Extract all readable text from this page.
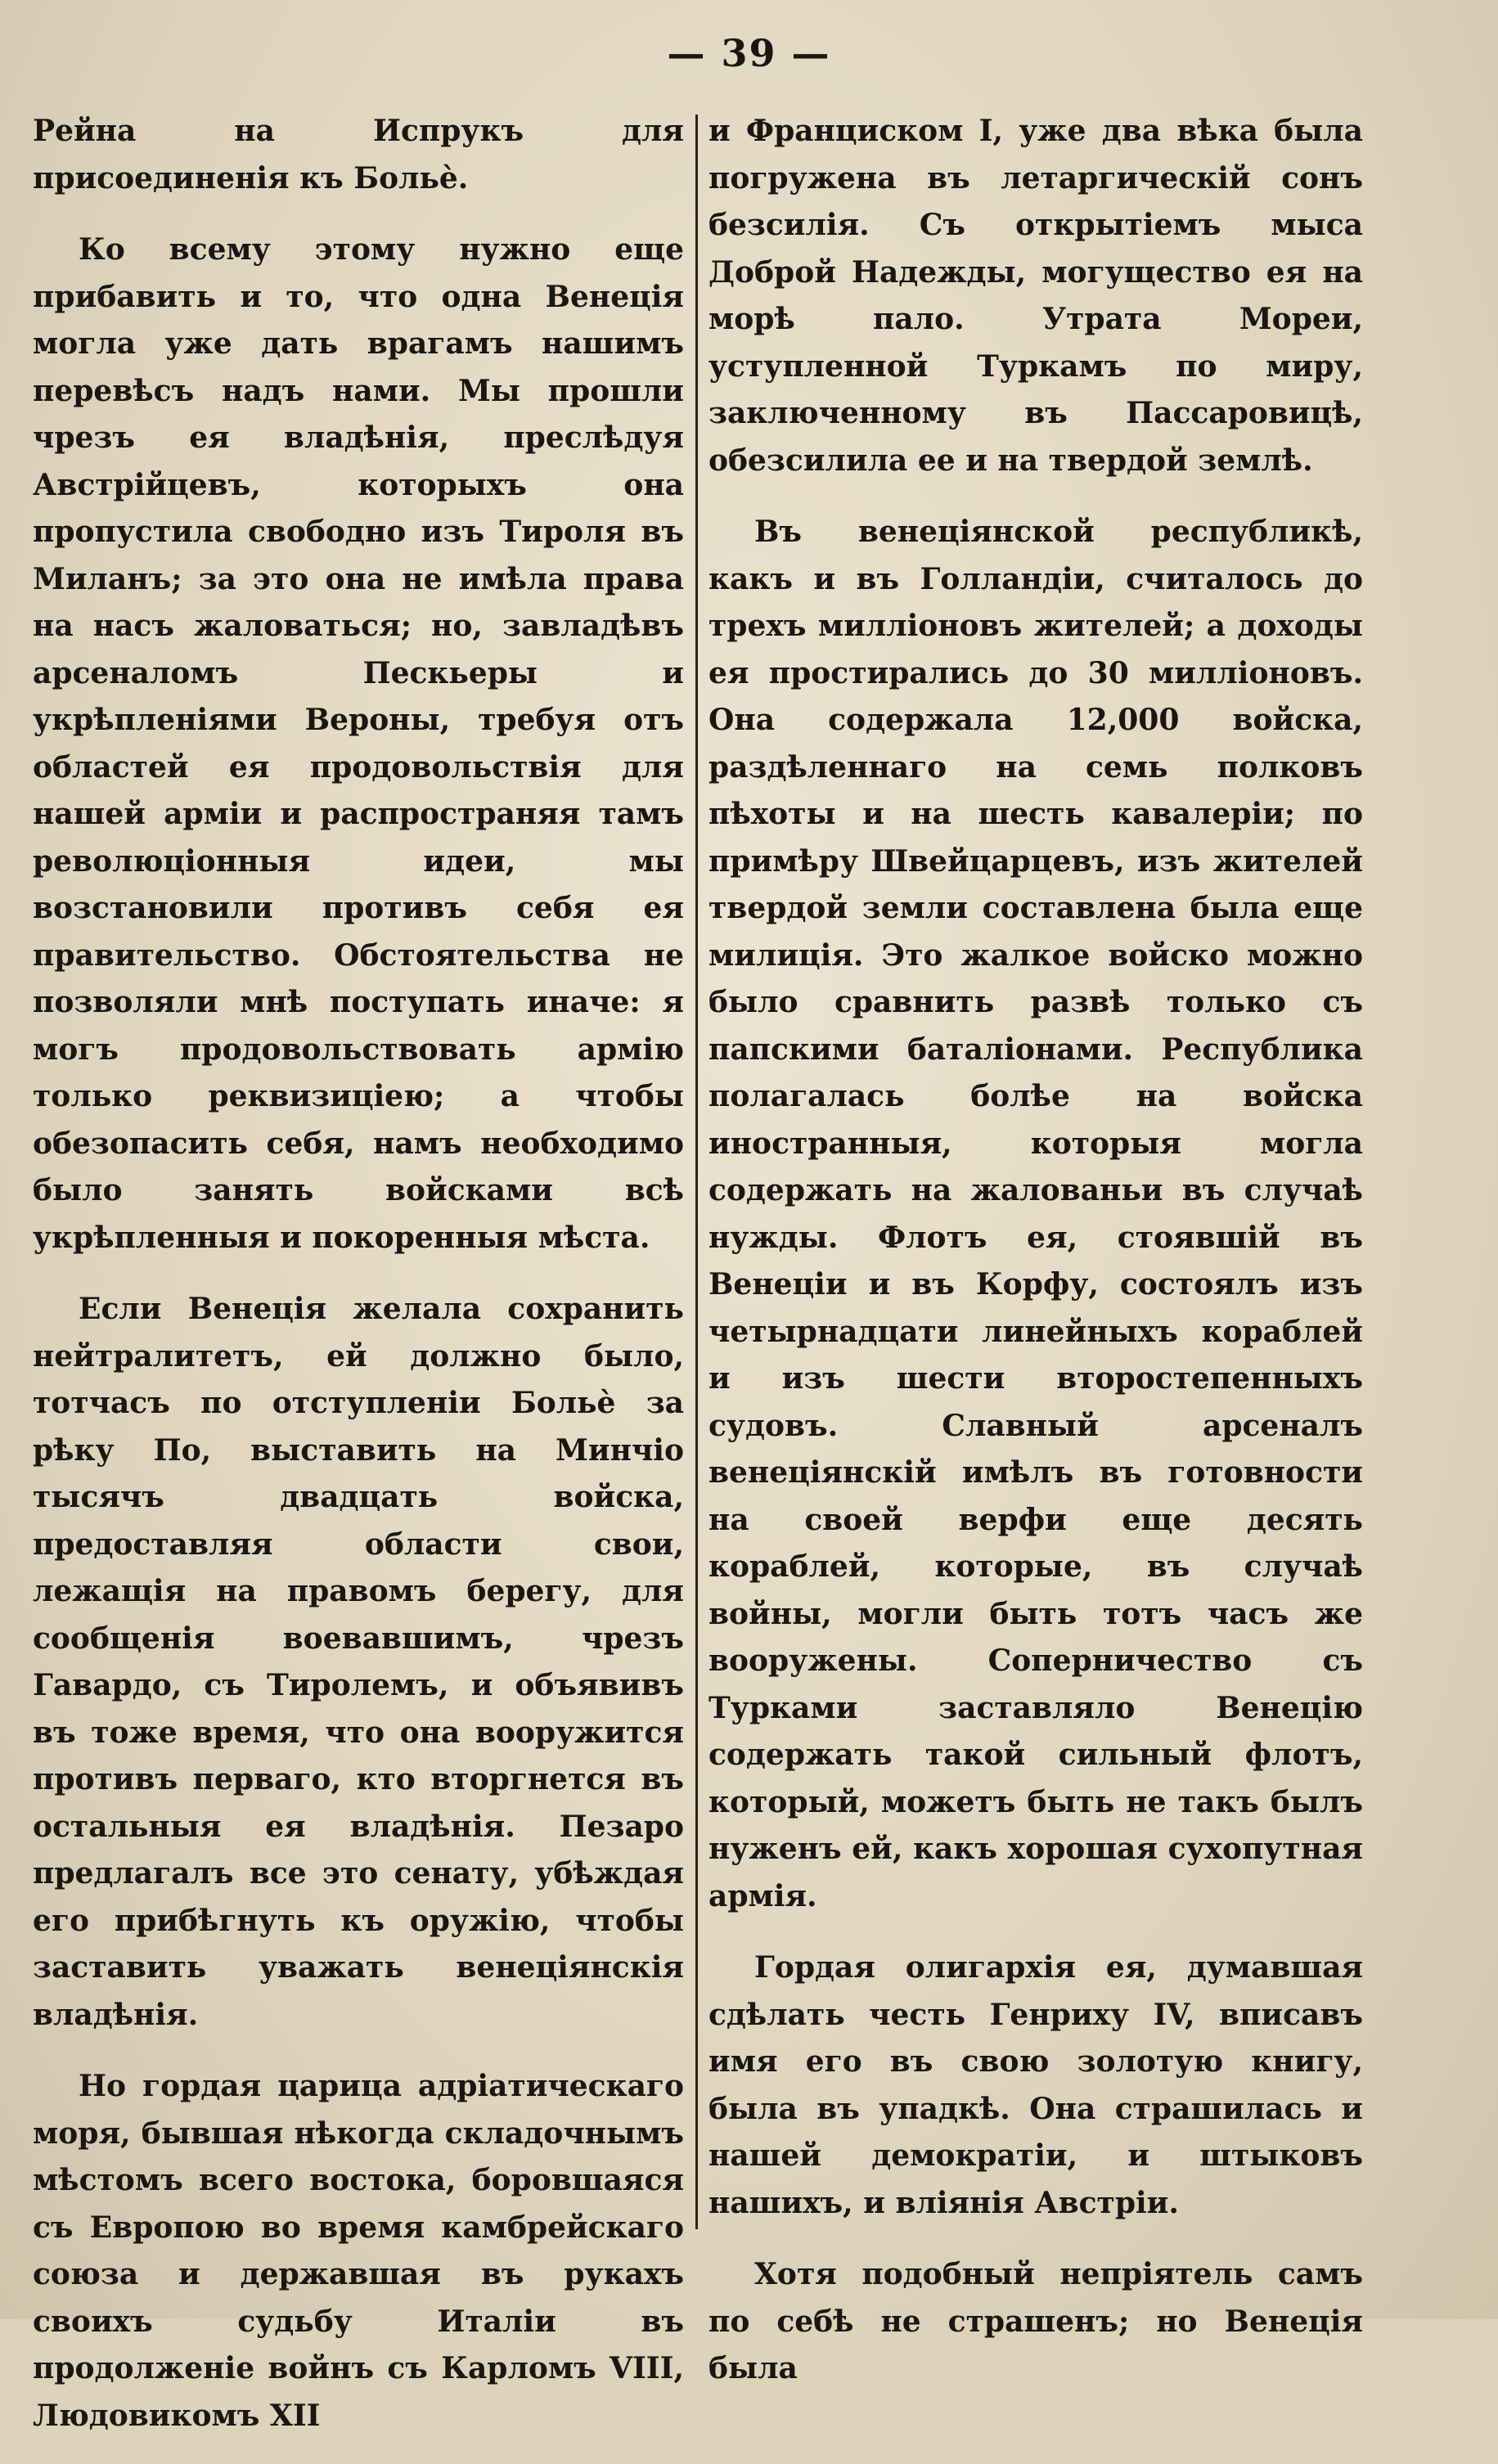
— 39 —

Рейна на Испрукъ для присоединенія къ Больѐ.

Ко всему этому нужно еще прибавить и то, что одна Венеція могла уже дать врагамъ нашимъ перевѣсъ надъ нами. Мы прошли чрезъ ея владѣнія, преслѣдуя Австрійцевъ, которыхъ она пропустила свободно изъ Тироля въ Миланъ; за это она не имѣла права на насъ жаловаться; но, завладѣвъ арсеналомъ Пескьеры и укрѣпленіями Вероны, требуя отъ областей ея продовольствія для нашей арміи и распространяя тамъ революціонныя идеи, мы возстановили противъ себя ея правительство. Обстоятельства не позволяли мнѣ поступать иначе: я могъ продовольствовать армію только реквизиціею; а чтобы обезопасить себя, намъ необходимо было занять войсками всѣ укрѣпленныя и покоренныя мѣста.

Если Венеція желала сохранить нейтралитетъ, ей должно было, тотчасъ по отступленіи Больѐ за рѣку По, выставить на Минчіо тысячъ двадцать войска, предоставляя области свои, лежащія на правомъ берегу, для сообщенія воевавшимъ, чрезъ Гавардо, съ Тиролемъ, и объявивъ въ тоже время, что она вооружится противъ перваго, кто вторгнется въ остальныя ея владѣнія. Пезаро предлагалъ все это сенату, убѣждая его прибѣгнуть къ оружію, чтобы заставить уважать венеціянскія владѣнія.

Но гордая царица адріатическаго моря, бывшая нѣкогда складочнымъ мѣстомъ всего востока, боровшаяся съ Европою во время камбрейскаго союза и державшая въ рукахъ своихъ судьбу Италіи въ продолженіе войнъ съ Карломъ VIII, Людовикомъ XII

и Франциском I, уже два вѣка была погружена въ летаргическій сонъ безсилія. Съ открытіемъ мыса Доброй Надежды, могущество ея на морѣ пало. Утрата Мореи, уступленной Туркамъ по миру, заключенному въ Пассаровицѣ, обезсилила ее и на твердой землѣ.

Въ венеціянской республикѣ, какъ и въ Голландіи, считалось до трехъ милліоновъ жителей; а доходы ея простирались до 30 милліоновъ. Она содержала 12,000 войска, раздѣленнаго на семь полковъ пѣхоты и на шесть кавалеріи; по примѣру Швейцарцевъ, изъ жителей твердой земли составлена была еще милиція. Это жалкое войско можно было сравнить развѣ только съ папскими баталіонами. Республика полагалась болѣе на войска иностранныя, которыя могла содержать на жалованьи въ случаѣ нужды. Флотъ ея, стоявшій въ Венеціи и въ Корфу, состоялъ изъ четырнадцати линейныхъ кораблей и изъ шести второстепенныхъ судовъ. Славный арсеналъ венеціянскій имѣлъ въ готовности на своей верфи еще десять кораблей, которые, въ случаѣ войны, могли быть тотъ часъ же вооружены. Соперничество съ Турками заставляло Венецію содержать такой сильный флотъ, который, можетъ быть не такъ былъ нуженъ ей, какъ хорошая сухопутная армія.

Гордая олигархія ея, думавшая сдѣлать честь Генриху IV, вписавъ имя его въ свою золотую книгу, была въ упадкѣ. Она страшилась и нашей демократіи, и штыковъ нашихъ, и вліянія Австріи.

Хотя подобный непріятель самъ по себѣ не страшенъ; но Венеція была
